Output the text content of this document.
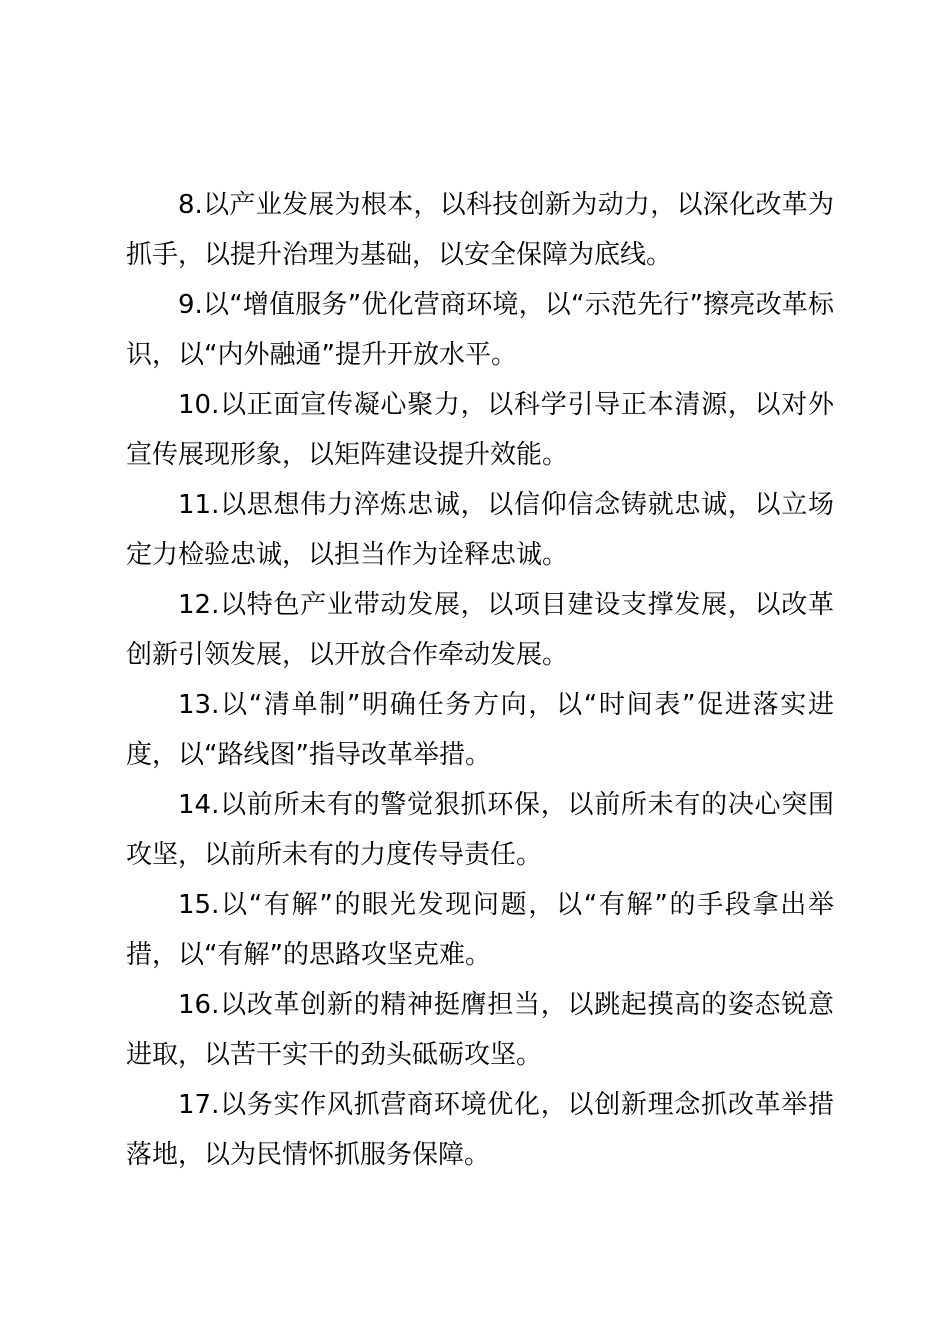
8.以产业发展为根本，以科技创新为动力，以深化改革为抓手，以提升治理为基础，以安全保障为底线。

9.以“增值服务”优化营商环境，以“示范先行”擦亮改革标识，以“内外融通”提升开放水平。

10.以正面宣传凝心聚力，以科学引导正本清源，以对外宣传展现形象，以矩阵建设提升效能。

11.以思想伟力淬炼忠诚，以信仰信念铸就忠诚，以立场定力检验忠诚，以担当作为诠释忠诚。

12.以特色产业带动发展，以项目建设支撑发展，以改革创新引领发展，以开放合作牵动发展。

13.以“清单制”明确任务方向，以“时间表”促进落实进度，以“路线图”指导改革举措。

14.以前所未有的警觉狠抓环保，以前所未有的决心突围攻坚，以前所未有的力度传导责任。

15.以“有解”的眼光发现问题，以“有解”的手段拿出举措，以“有解”的思路攻坚克难。

16.以改革创新的精神挺膺担当，以跳起摸高的姿态锐意进取，以苦干实干的劲头砥砺攻坚。

17.以务实作风抓营商环境优化，以创新理念抓改革举措落地，以为民情怀抓服务保障。
